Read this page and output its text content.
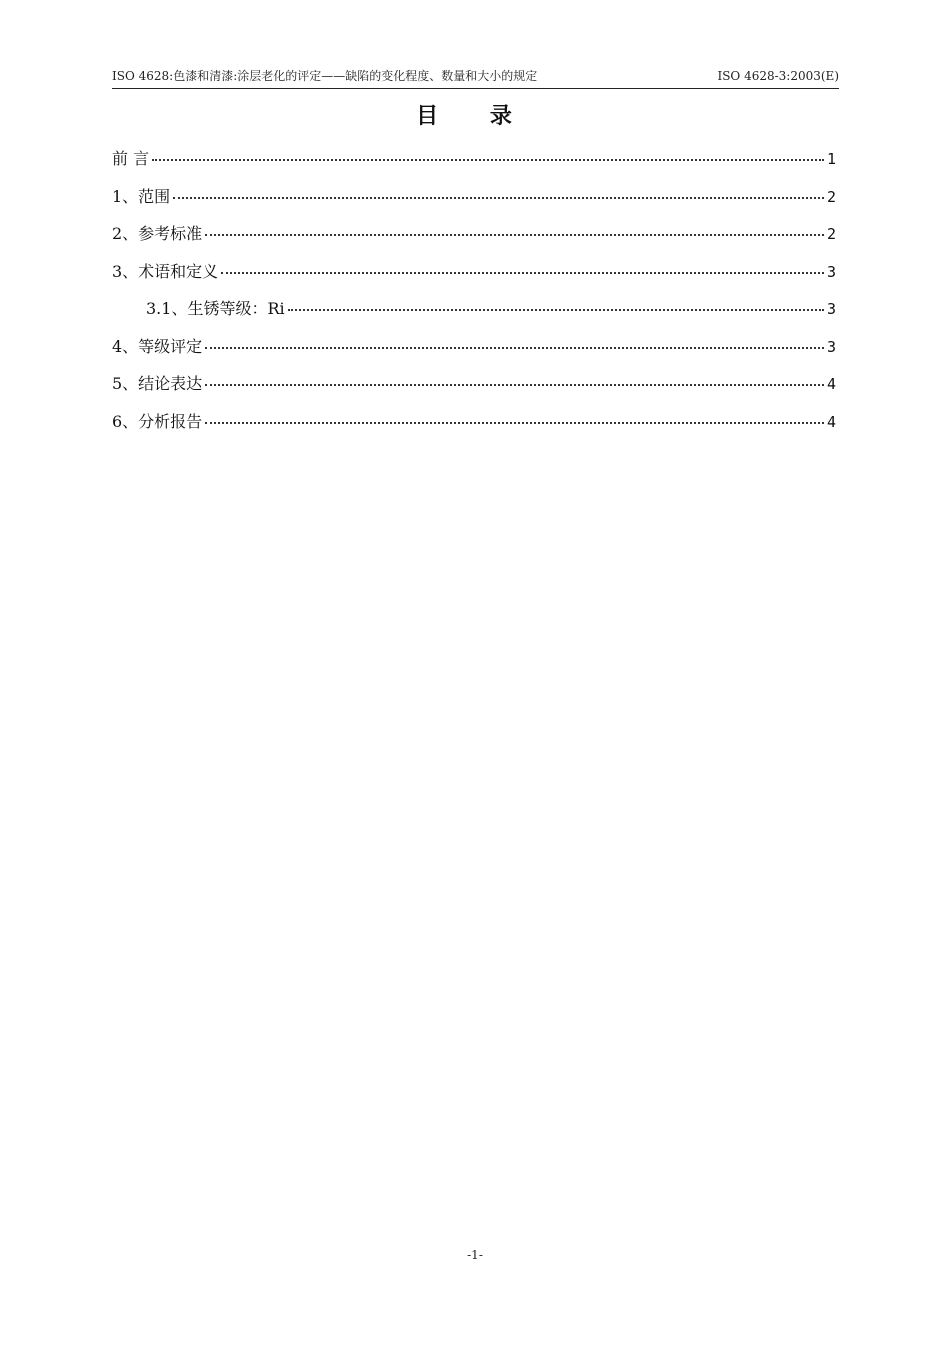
ISO 4628:色漆和清漆:涂层老化的评定——缺陷的变化程度、数量和大小的规定	ISO 4628-3:2003(E)
目 录
前 言	1
1、范围	2
2、参考标准	2
3、术语和定义	3
3.1、生锈等级：Ri	3
4、等级评定	3
5、结论表达	4
6、分析报告	4
-1-
